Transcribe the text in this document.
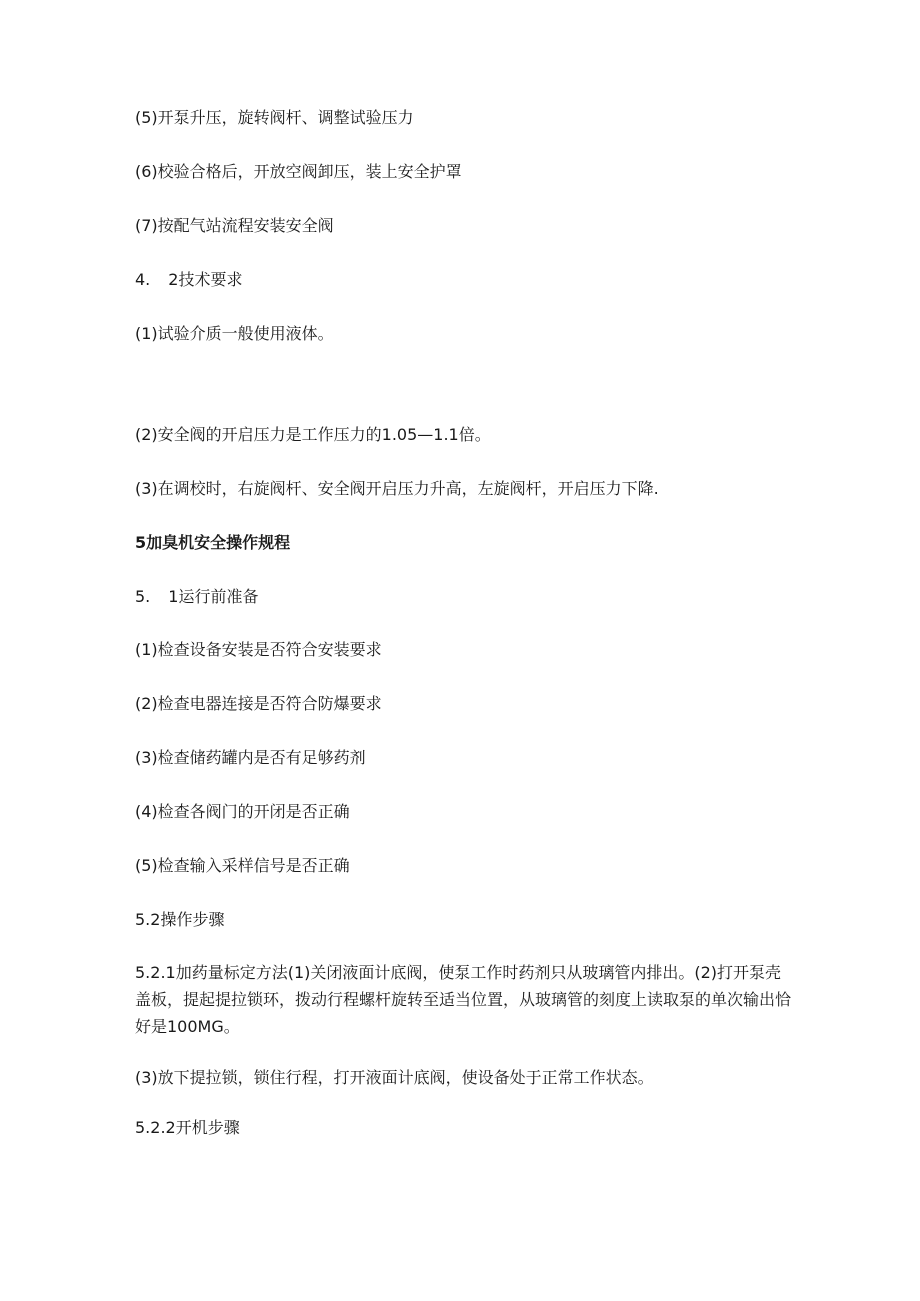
(5)开泵升压，旋转阀杆、调整试验压力
(6)校验合格后，开放空阀卸压，装上安全护罩
(7)按配气站流程安装安全阀
4. 2技术要求
(1)试验介质一般使用液体。
(2)安全阀的开启压力是工作压力的1.05—1.1倍。
(3)在调校时，右旋阀杆、安全阀开启压力升高，左旋阀杆，开启压力下降.
5加臭机安全操作规程
5. 1运行前准备
(1)检查设备安装是否符合安装要求
(2)检查电器连接是否符合防爆要求
(3)检查储药罐内是否有足够药剂
(4)检查各阀门的开闭是否正确
(5)检查输入采样信号是否正确
5.2操作步骤
5.2.1加药量标定方法(1)关闭液面计底阀，使泵工作时药剂只从玻璃管内排出。(2)打开泵壳盖板，提起提拉锁环，拨动行程螺杆旋转至适当位置，从玻璃管的刻度上读取泵的单次输出恰好是100MG。
(3)放下提拉锁，锁住行程，打开液面计底阀，使设备处于正常工作状态。
5.2.2开机步骤
